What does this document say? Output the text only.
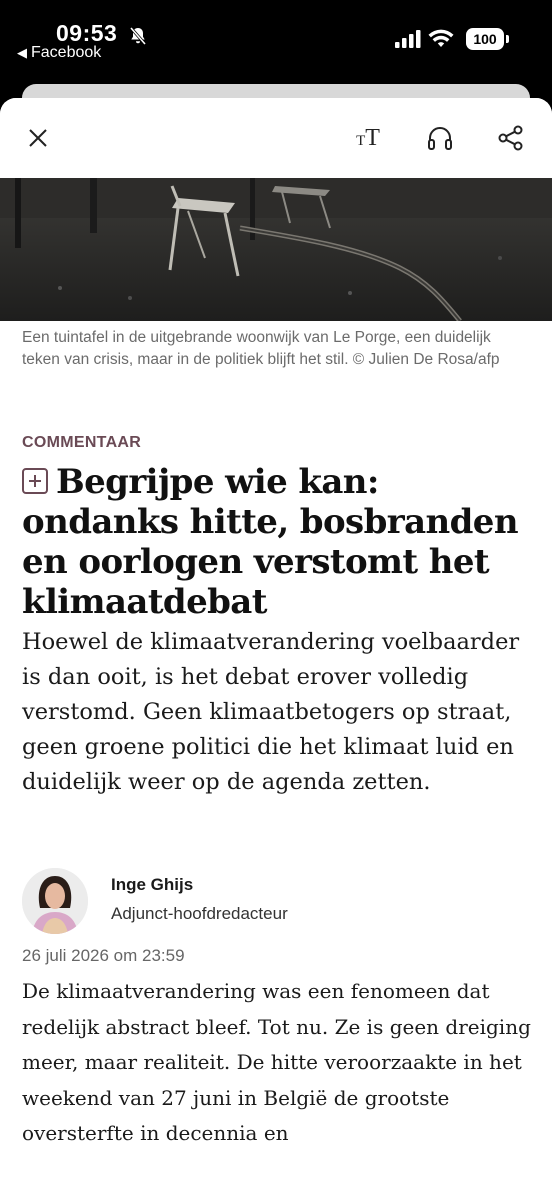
09:53
◀ Facebook
100
TT
Een tuintafel in de uitgebrande woonwijk van Le Porge, een duidelijk teken van crisis, maar in de politiek blijft het stil. © Julien De Rosa/afp
COMMENTAAR
Begrijpe wie kan: ondanks hitte, bosbranden en oorlogen verstomt het klimaatdebat
Hoewel de klimaatverandering voelbaarder is dan ooit, is het debat erover volledig verstomd. Geen klimaatbetogers op straat, geen groene politici die het klimaat luid en duidelijk weer op de agenda zetten.
Inge Ghijs
Adjunct-hoofdredacteur
26 juli 2026 om 23:59
De klimaatverandering was een fenomeen dat redelijk abstract bleef. Tot nu. Ze is geen dreiging meer, maar realiteit. De hitte veroorzaakte in het weekend van 27 juni in België de grootste oversterfte in decennia en
